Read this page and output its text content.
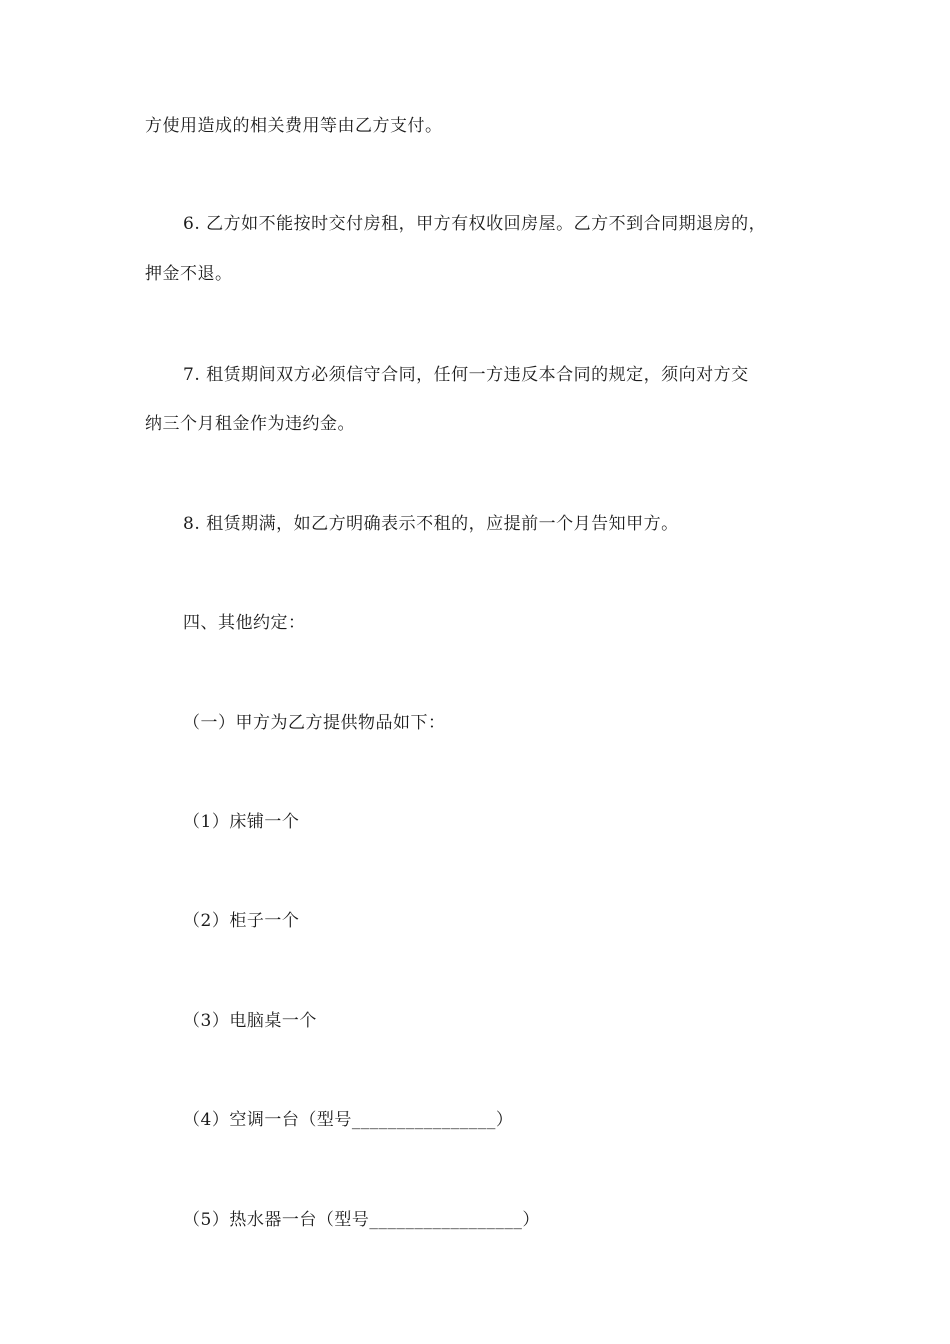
方使用造成的相关费用等由乙方支付。
6. 乙方如不能按时交付房租，甲方有权收回房屋。乙方不到合同期退房的，
押金不退。
7. 租赁期间双方必须信守合同，任何一方违反本合同的规定，须向对方交
纳三个月租金作为违约金。
8. 租赁期满，如乙方明确表示不租的，应提前一个月告知甲方。
四、其他约定：
（一）甲方为乙方提供物品如下：
（1）床铺一个
（2）柜子一个
（3）电脑桌一个
（4）空调一台（型号________________）
（5）热水器一台（型号_________________）
